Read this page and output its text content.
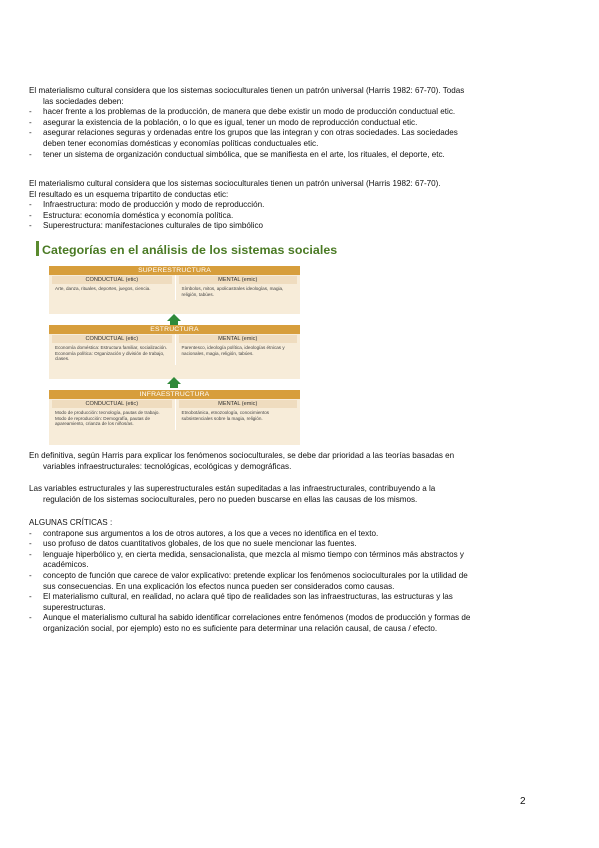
El materialismo cultural considera que los sistemas socioculturales tienen un patrón universal (Harris 1982: 67-70). Todas

las sociedades deben:

- hacer frente a los problemas de la producción, de manera que debe existir un modo de producción conductual etic.
- asegurar la existencia de la población, o lo que es igual, tener un modo de reproducción conductual etic.
- asegurar relaciones seguras y ordenadas entre los grupos que las integran y con otras sociedades. Las sociedades
deben tener economías domésticas y economías políticas conductuales etic.
- tener un sistema de organización conductual simbólica, que se manifiesta en el arte, los rituales, el deporte, etc.

El materialismo cultural considera que los sistemas socioculturales tienen un patrón universal (Harris 1982: 67-70).

El resultado es un esquema tripartito de conductas etic:

- Infraestructura: modo de producción y modo de reproducción.
- Estructura: economía doméstica y economía política.
- Superestructura: manifestaciones culturales de tipo simbólico
Categorías en el análisis de los sistemas sociales
SUPERESTRUCTURA
CONDUCTUAL (etic)
Arte, danza, rituales, deportes, juegos, ciencia.
MENTAL (emic)
Símbolos, mitos, apolicastrales ideologías, magia, religión, tabúes.
ESTRUCTURA
CONDUCTUAL (etic)
Economía doméstica: Estructura familiar, socialización. Economía política: Organización y división de trabajo, clases.
MENTAL (emic)
Parentesco, ideología política, ideologías étnicas y nacionales, magia, religión, tabúes.
INFRAESTRUCTURA
CONDUCTUAL (etic)
Modo de producción: tecnología, pautas de trabajo. Modo de reproducción: Demografía, pautas de apareamiento, crianza de los niños/as.
MENTAL (emic)
Etnobotánica, etnozoología, conocimientos subsistenciales sobre la magia, religión.

En definitiva, según Harris para explicar los fenómenos socioculturales, se debe dar prioridad a las teorías basadas en

variables infraestructurales: tecnológicas, ecológicas y demográficas.

Las variables estructurales y las superestructurales están supeditadas a las infraestructurales, contribuyendo a la

regulación de los sistemas socioculturales, pero no pueden buscarse en ellas las causas de los mismos.

ALGUNAS CRÍTICAS :

- contrapone sus argumentos a los de otros autores, a los que a veces no identifica en el texto.
- uso profuso de datos cuantitativos globales, de los que no suele mencionar las fuentes.
- lenguaje hiperbólico y, en cierta medida, sensacionalista, que mezcla al mismo tiempo con términos más abstractos y
académicos.
- concepto de función que carece de valor explicativo: pretende explicar los fenómenos socioculturales por la utilidad de
sus consecuencias. En una explicación los efectos nunca pueden ser considerados como causas.
- El materialismo cultural, en realidad, no aclara qué tipo de realidades son las infraestructuras, las estructuras y las
superestructuras.
- Aunque el materialismo cultural ha sabido identificar correlaciones entre fenómenos (modos de producción y formas de
organización social, por ejemplo) esto no es suficiente para determinar una relación causal, de causa / efecto.
2
